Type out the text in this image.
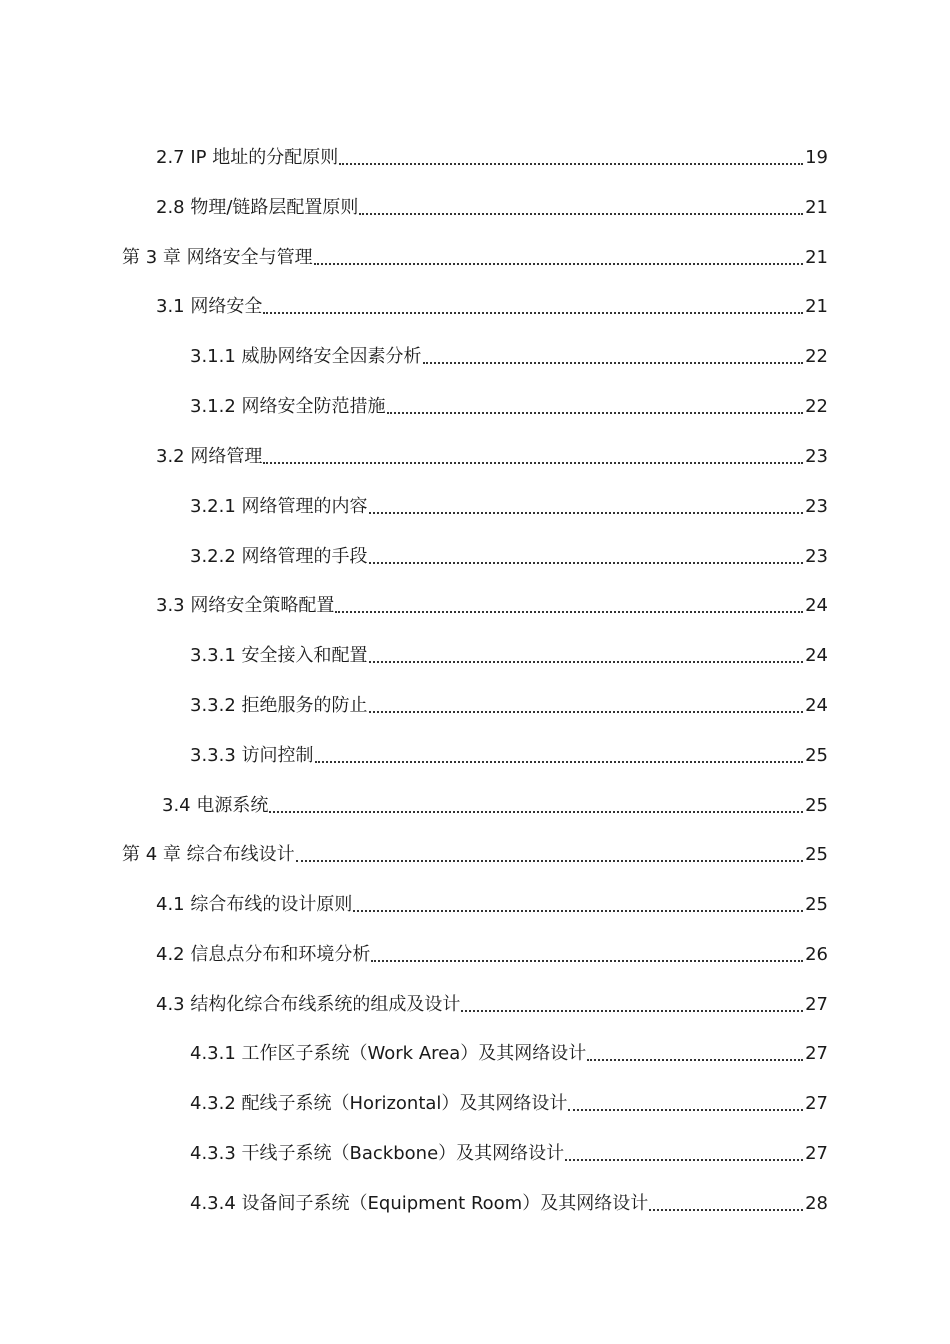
2.7 IP 地址的分配原则	19
2.8 物理/链路层配置原则	21
第 3 章 网络安全与管理	21
3.1 网络安全	21
3.1.1 威胁网络安全因素分析	22
3.1.2 网络安全防范措施	22
3.2 网络管理	23
3.2.1 网络管理的内容	23
3.2.2 网络管理的手段	23
3.3 网络安全策略配置	24
3.3.1 安全接入和配置	24
3.3.2 拒绝服务的防止	24
3.3.3 访问控制	25
3.4 电源系统	25
第 4 章 综合布线设计	25
4.1 综合布线的设计原则	25
4.2 信息点分布和环境分析	26
4.3 结构化综合布线系统的组成及设计	27
4.3.1 工作区子系统（Work Area）及其网络设计	27
4.3.2 配线子系统（Horizontal）及其网络设计	27
4.3.3 干线子系统（Backbone）及其网络设计	27
4.3.4 设备间子系统（Equipment Room）及其网络设计	28
